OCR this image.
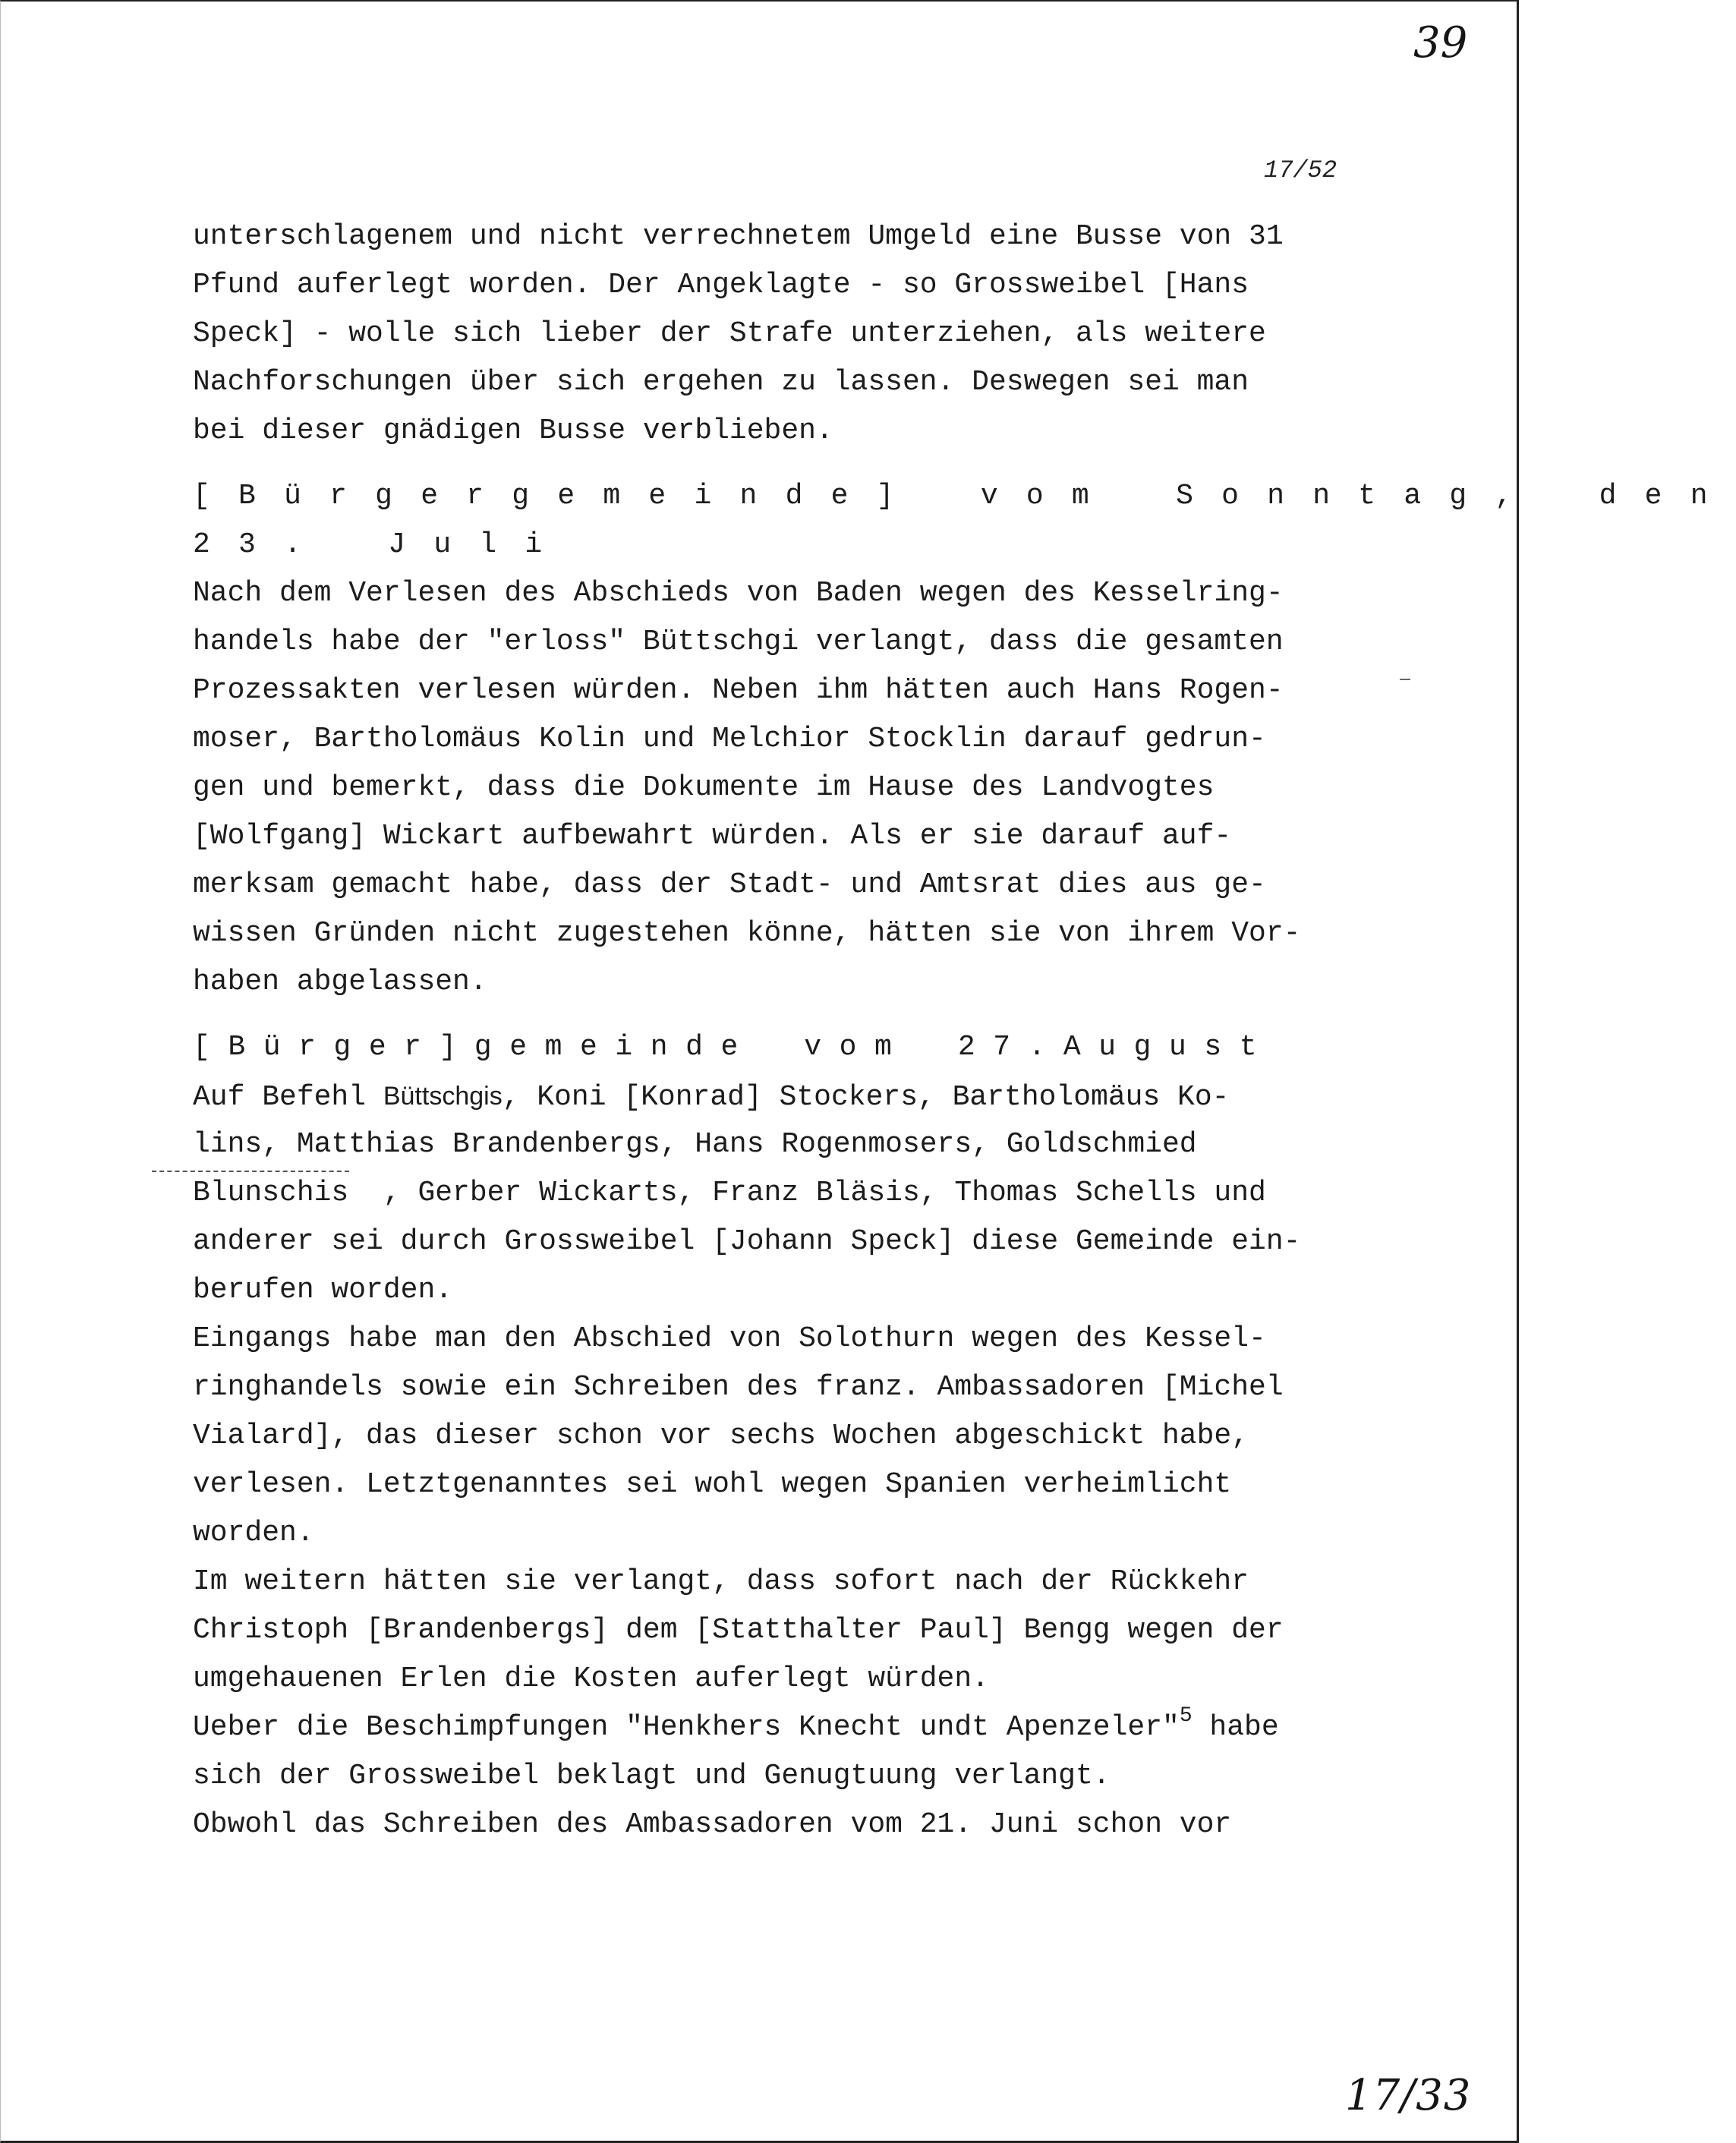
39
17/52
unterschlagenem und nicht verrechnetem Umgeld eine Busse von 31
Pfund auferlegt worden. Der Angeklagte - so Grossweibel [Hans
Speck] - wolle sich lieber der Strafe unterziehen, als weitere
Nachforschungen über sich ergehen zu lassen. Deswegen sei man
bei dieser gnädigen Busse verblieben.
[Bürgergemeinde] vom Sonntag, den
23. Juli
Nach dem Verlesen des Abschieds von Baden wegen des Kesselring-
handels habe der "erloss" Büttschgi verlangt, dass die gesamten
Prozessakten verlesen würden. Neben ihm hätten auch Hans Rogen-
moser, Bartholomäus Kolin und Melchior Stocklin darauf gedrun-
gen und bemerkt, dass die Dokumente im Hause des Landvogtes
[Wolfgang] Wickart aufbewahrt würden. Als er sie darauf auf-
merksam gemacht habe, dass der Stadt- und Amtsrat dies aus ge-
wissen Gründen nicht zugestehen könne, hätten sie von ihrem Vor-
haben abgelassen.
[Bürger]gemeinde vom 27.August
Auf Befehl Büttschgis, Koni [Konrad] Stockers, Bartholomäus Ko-
lins, Matthias Brandenbergs, Hans Rogenmosers, Goldschmied
Blunschis  , Gerber Wickarts, Franz Bläsis, Thomas Schells und
anderer sei durch Grossweibel [Johann Speck] diese Gemeinde ein-
berufen worden.
Eingangs habe man den Abschied von Solothurn wegen des Kessel-
ringhandels sowie ein Schreiben des franz. Ambassadoren [Michel
Vialard], das dieser schon vor sechs Wochen abgeschickt habe,
verlesen. Letztgenanntes sei wohl wegen Spanien verheimlicht
worden.
Im weitern hätten sie verlangt, dass sofort nach der Rückkehr
Christoph [Brandenbergs] dem [Statthalter Paul] Bengg wegen der
umgehauenen Erlen die Kosten auferlegt würden.
Ueber die Beschimpfungen "Henkhers Knecht undt Apenzeler"$^5$ habe
sich der Grossweibel beklagt und Genugtuung verlangt.
Obwohl das Schreiben des Ambassadoren vom 21. Juni schon vor
17/33
